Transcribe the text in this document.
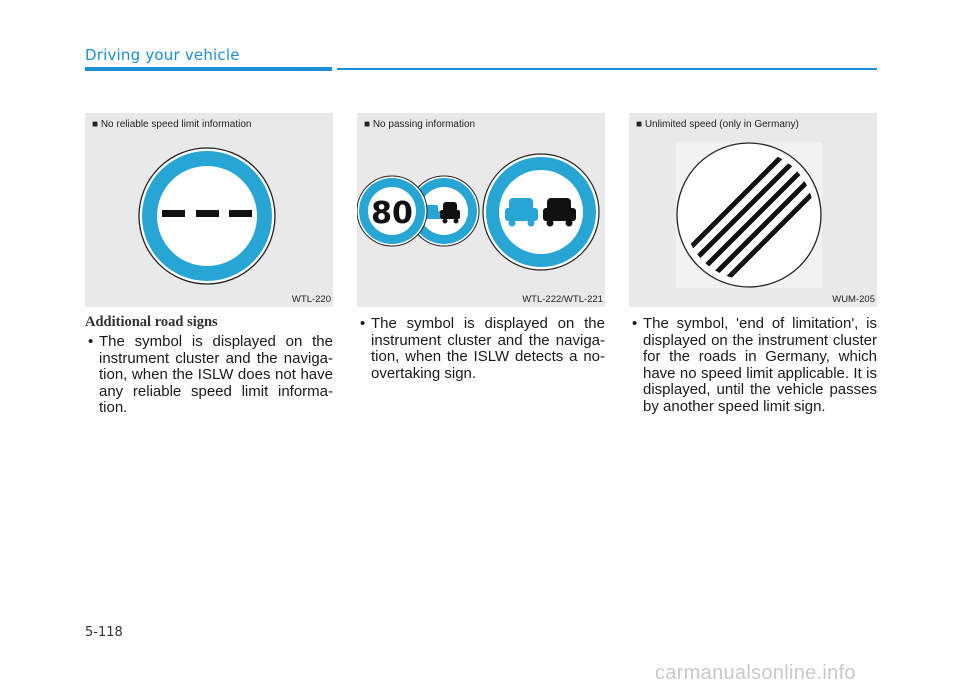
Driving your vehicle
■ No reliable speed limit information
WTL-220
80
■ No passing information
WTL-222/WTL-221
■ Unlimited speed (only in Germany)
WUM-205
Additional road signs
• The symbol is displayed on the instrument cluster and the naviga-tion, when the ISLW does not have any reliable speed limit informa-tion.
• The symbol is displayed on the instrument cluster and the naviga-tion, when the ISLW detects a no-overtaking sign.
• The symbol, 'end of limitation', is displayed on the instrument cluster for the roads in Germany, which have no speed limit applicable. It is displayed, until the vehicle passes by another speed limit sign.
5-118
carmanualsonline.info
